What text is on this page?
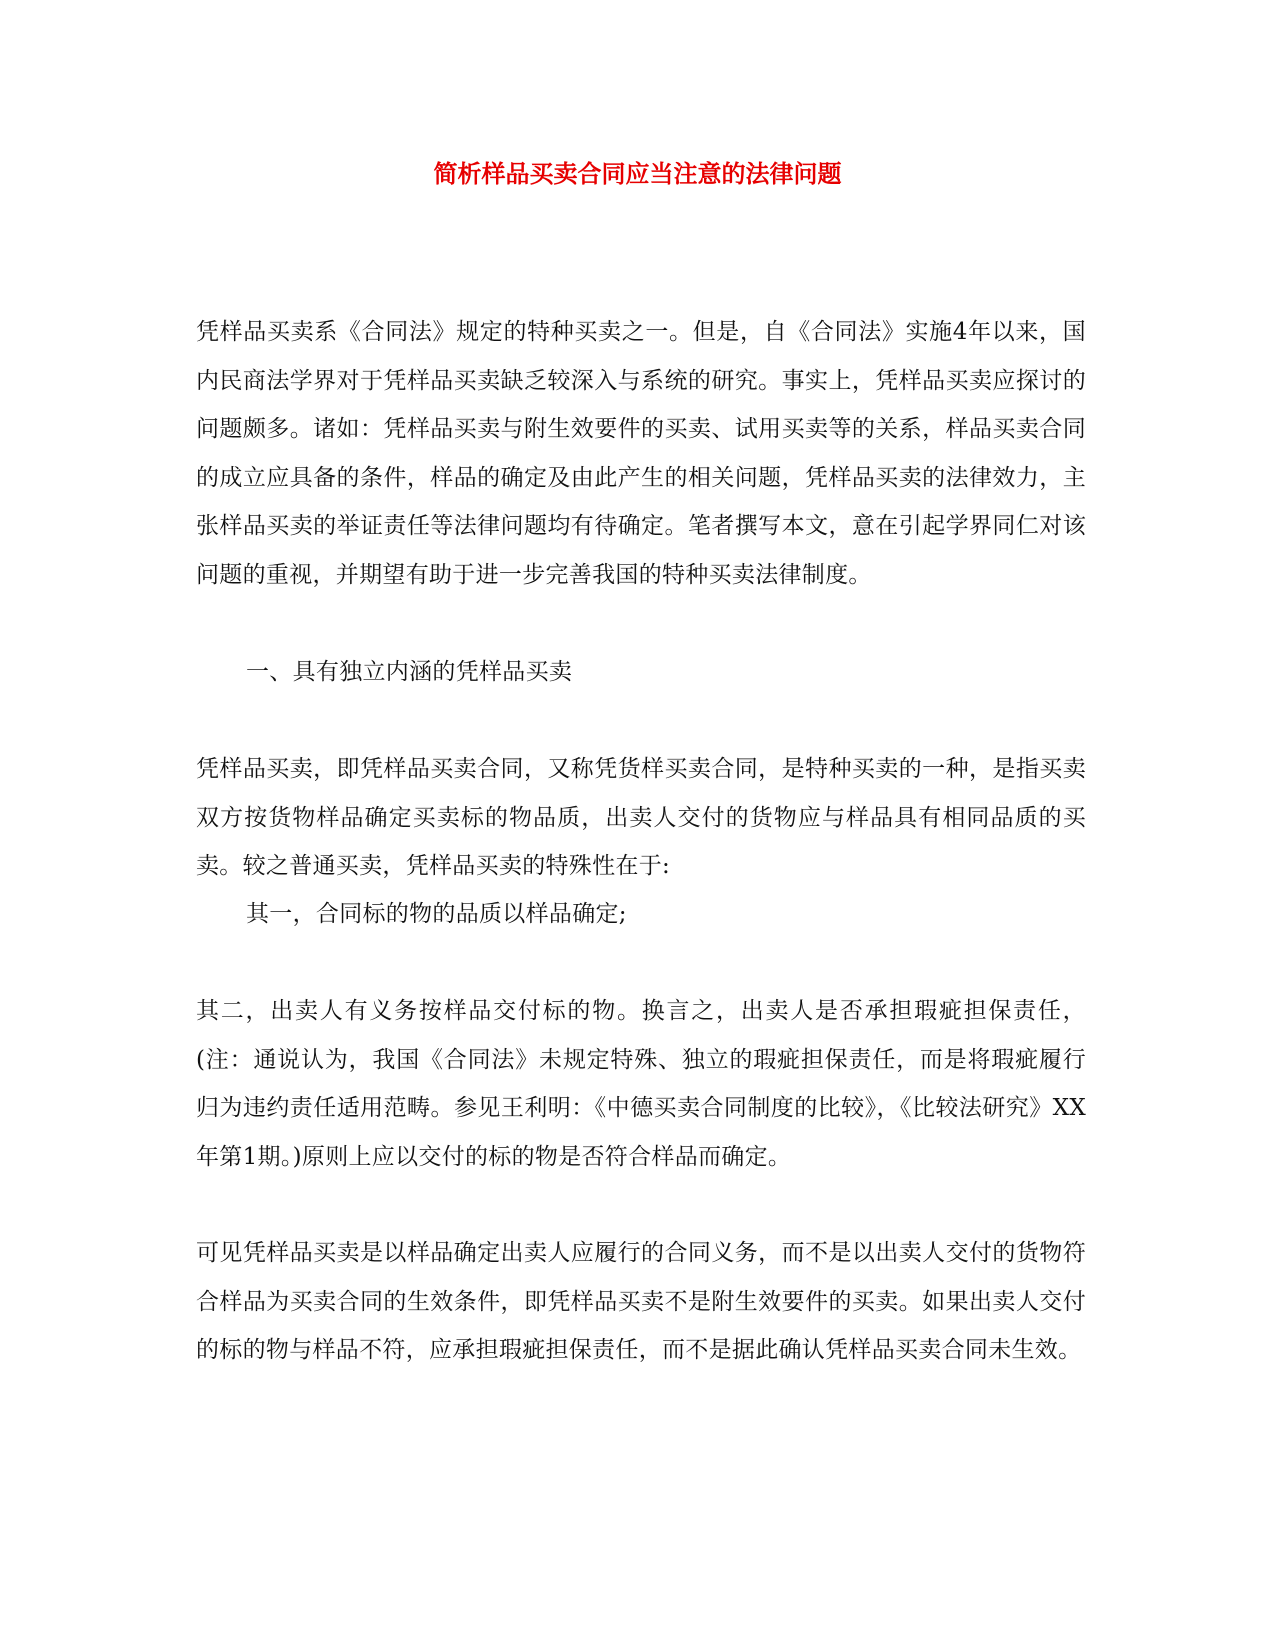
简析样品买卖合同应当注意的法律问题

凭样品买卖系《合同法》规定的特种买卖之一。但是，自《合同法》实施4年以来，国内民商法学界对于凭样品买卖缺乏较深入与系统的研究。事实上，凭样品买卖应探讨的问题颇多。诸如：凭样品买卖与附生效要件的买卖、试用买卖等的关系，样品买卖合同的成立应具备的条件，样品的确定及由此产生的相关问题，凭样品买卖的法律效力，主张样品买卖的举证责任等法律问题均有待确定。笔者撰写本文，意在引起学界同仁对该问题的重视，并期望有助于进一步完善我国的特种买卖法律制度。

一、具有独立内涵的凭样品买卖

凭样品买卖，即凭样品买卖合同，又称凭货样买卖合同，是特种买卖的一种，是指买卖双方按货物样品确定买卖标的物品质，出卖人交付的货物应与样品具有相同品质的买卖。较之普通买卖，凭样品买卖的特殊性在于:

其一，合同标的物的品质以样品确定;

其二，出卖人有义务按样品交付标的物。换言之，出卖人是否承担瑕疵担保责任，(注：通说认为，我国《合同法》未规定特殊、独立的瑕疵担保责任，而是将瑕疵履行归为违约责任适用范畴。参见王利明：《中德买卖合同制度的比较》，《比较法研究》XX年第1期。)原则上应以交付的标的物是否符合样品而确定。

可见凭样品买卖是以样品确定出卖人应履行的合同义务，而不是以出卖人交付的货物符合样品为买卖合同的生效条件，即凭样品买卖不是附生效要件的买卖。如果出卖人交付的标的物与样品不符，应承担瑕疵担保责任，而不是据此确认凭样品买卖合同未生效。
